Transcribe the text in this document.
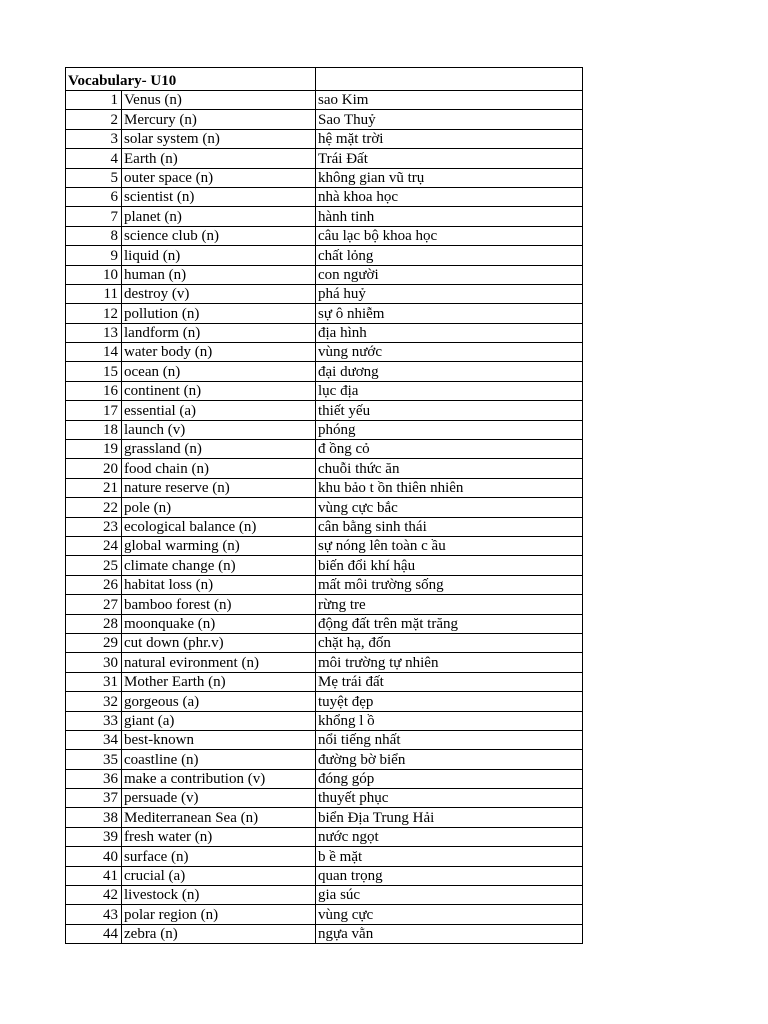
Vocabulary- U10		
1	Venus (n)	sao Kim
2	Mercury (n)	Sao Thuỷ
3	solar system (n)	hệ mặt trời
4	Earth (n)	Trái Đất
5	outer space (n)	không gian vũ trụ
6	scientist (n)	nhà khoa học
7	planet (n)	hành tinh
8	science club (n)	câu lạc bộ khoa học
9	liquid (n)	chất lỏng
10	human (n)	con người
11	destroy (v)	phá huỷ
12	pollution (n)	sự ô nhiễm
13	landform (n)	địa hình
14	water body (n)	vùng nước
15	ocean (n)	đại dương
16	continent (n)	lục địa
17	essential (a)	thiết yếu
18	launch (v)	phóng
19	grassland (n)	đ ồng cỏ
20	food chain (n)	chuỗi thức ăn
21	nature reserve (n)	khu bảo t ồn thiên nhiên
22	pole (n)	vùng cực bắc
23	ecological balance (n)	cân bằng sinh thái
24	global warming (n)	sự nóng lên toàn c ầu
25	climate change (n)	biến đổi khí hậu
26	habitat loss (n)	mất môi trường sống
27	bamboo forest (n)	rừng tre
28	moonquake (n)	động đất trên mặt trăng
29	cut down (phr.v)	chặt hạ, đốn
30	natural evironment (n)	môi trường tự nhiên
31	Mother Earth (n)	Mẹ trái đất
32	gorgeous (a)	tuyệt đẹp
33	giant (a)	khổng l ồ
34	best-known	nổi tiếng nhất
35	coastline (n)	đường bờ biển
36	make a contribution (v)	đóng góp
37	persuade (v)	thuyết phục
38	Mediterranean Sea (n)	biển Địa Trung Hải
39	fresh water (n)	nước ngọt
40	surface (n)	b ề mặt
41	crucial (a)	quan trọng
42	livestock (n)	gia súc
43	polar region (n)	vùng cực
44	zebra (n)	ngựa vằn
